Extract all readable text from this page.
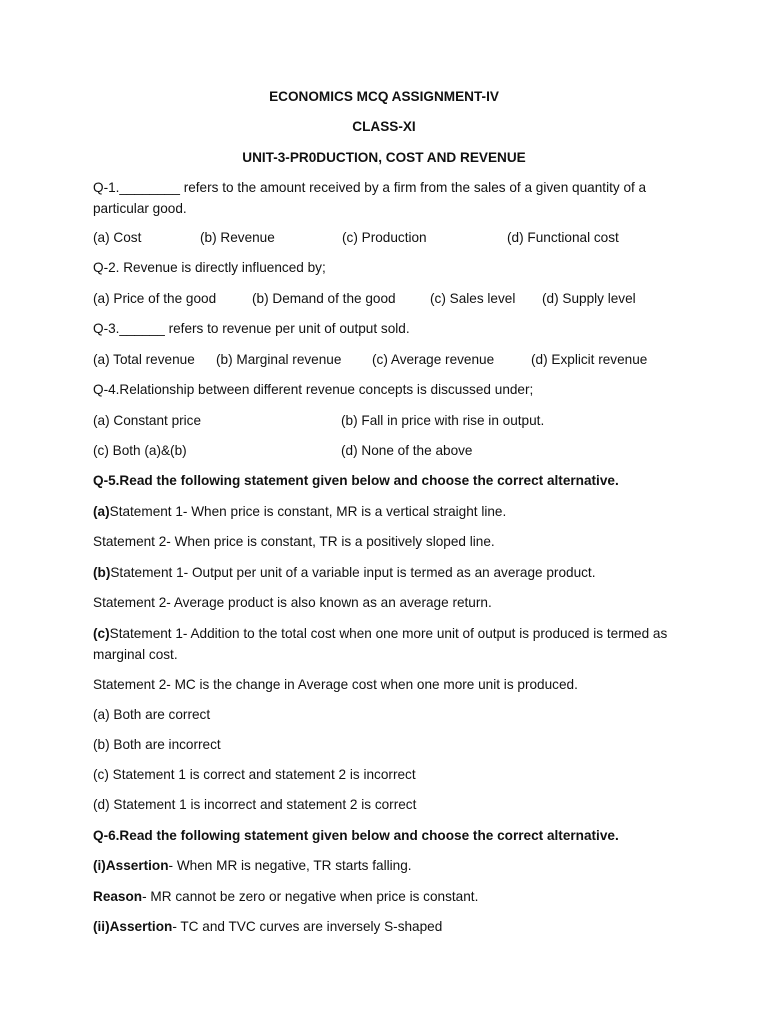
ECONOMICS MCQ ASSIGNMENT-IV
CLASS-XI
UNIT-3-PR0DUCTION, COST AND REVENUE
Q-1.________ refers to the amount received by a firm from the sales of a given quantity of a particular good.
(a) Cost	(b) Revenue	(c) Production	(d) Functional cost
Q-2. Revenue is directly influenced by;
(a) Price of the good	(b) Demand of the good	(c) Sales level (d) Supply level
Q-3.______ refers to revenue per unit of output sold.
(a) Total revenue (b) Marginal revenue (c) Average revenue	(d) Explicit revenue
Q-4.Relationship between different revenue concepts is discussed under;
(a) Constant price	(b) Fall in price with rise in output.
(c) Both (a)&(b)	(d) None of the above
Q-5.Read the following statement given below and choose the correct alternative.
(a)Statement 1- When price is constant, MR is a vertical straight line.
Statement 2- When price is constant, TR is a positively sloped line.
(b)Statement 1- Output per unit of a variable input is termed as an average product.
Statement 2- Average product is also known as an average return.
(c)Statement 1- Addition to the total cost when one more unit of output is produced is termed as marginal cost.
Statement 2- MC is the change in Average cost when one more unit is produced.
(a) Both are correct
(b) Both are incorrect
(c) Statement 1 is correct and statement 2 is incorrect
(d) Statement 1 is incorrect and statement 2 is correct
Q-6.Read the following statement given below and choose the correct alternative.
(i)Assertion- When MR is negative, TR starts falling.
Reason- MR cannot be zero or negative when price is constant.
(ii)Assertion- TC and TVC curves are inversely S-shaped
